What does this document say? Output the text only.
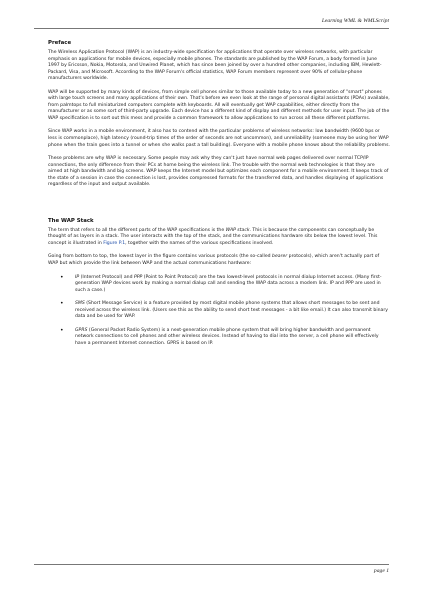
Learning WML & WMLScript
Preface

The Wireless Application Protocol (WAP) is an industry-wide specification for applications that operate over wireless networks, with particular emphasis on applications for mobile devices, especially mobile phones. The standards are published by the WAP Forum, a body formed in June 1997 by Ericsson, Nokia, Motorola, and Unwired Planet, which has since been joined by over a hundred other companies, including IBM, Hewlett-Packard, Visa, and Microsoft. According to the WAP Forum's official statistics, WAP Forum members represent over 90% of cellular-phone manufacturers worldwide.

WAP will be supported by many kinds of devices, from simple cell phones similar to those available today to a new generation of "smart" phones with large touch screens and many applications of their own. That's before we even look at the range of personal digital assistants (PDAs) available, from palmtops to full miniaturized computers complete with keyboards. All will eventually get WAP capabilities, either directly from the manufacturer or as some sort of third-party upgrade. Each device has a different kind of display and different methods for user input. The job of the WAP specification is to sort out this mess and provide a common framework to allow applications to run across all these different platforms.

Since WAP works in a mobile environment, it also has to contend with the particular problems of wireless networks: low bandwidth (9600 bps or less is commonplace), high latency (round-trip times of the order of seconds are not uncommon), and unreliability (someone may be using her WAP phone when the train goes into a tunnel or when she walks past a tall building). Everyone with a mobile phone knows about the reliability problems.

These problems are why WAP is necessary. Some people may ask why they can't just have normal web pages delivered over normal TCP/IP connections, the only difference from their PCs at home being the wireless link. The trouble with the normal web technologies is that they are aimed at high bandwidth and big screens. WAP keeps the Internet model but optimizes each component for a mobile environment. It keeps track of the state of a session in case the connection is lost, provides compressed formats for the transferred data, and handles displaying of applications regardless of the input and output available.

The WAP Stack

The term that refers to all the different parts of the WAP specifications is the WAP stack. This is because the components can conceptually be thought of as layers in a stack. The user interacts with the top of the stack, and the communications hardware sits below the lowest level. This concept is illustrated in Figure P.1, together with the names of the various specifications involved.

Going from bottom to top, the lowest layer in the figure contains various protocols (the so-called bearer protocols), which aren't actually part of WAP but which provide the link between WAP and the actual communications hardware:

• IP (Internet Protocol) and PPP (Point to Point Protocol) are the two lowest-level protocols in normal dialup Internet access. (Many first-generation WAP devices work by making a normal dialup call and sending the WAP data across a modem link. IP and PPP are used in such a case.)
• SMS (Short Message Service) is a feature provided by most digital mobile phone systems that allows short messages to be sent and received across the wireless link. (Users see this as the ability to send short text messages - a bit like email.) It can also transmit binary data and be used for WAP.
• GPRS (General Packet Radio System) is a next-generation mobile phone system that will bring higher bandwidth and permanent network connections to cell phones and other wireless devices. Instead of having to dial into the server, a cell phone will effectively have a permanent Internet connection. GPRS is based on IP.
page 1
